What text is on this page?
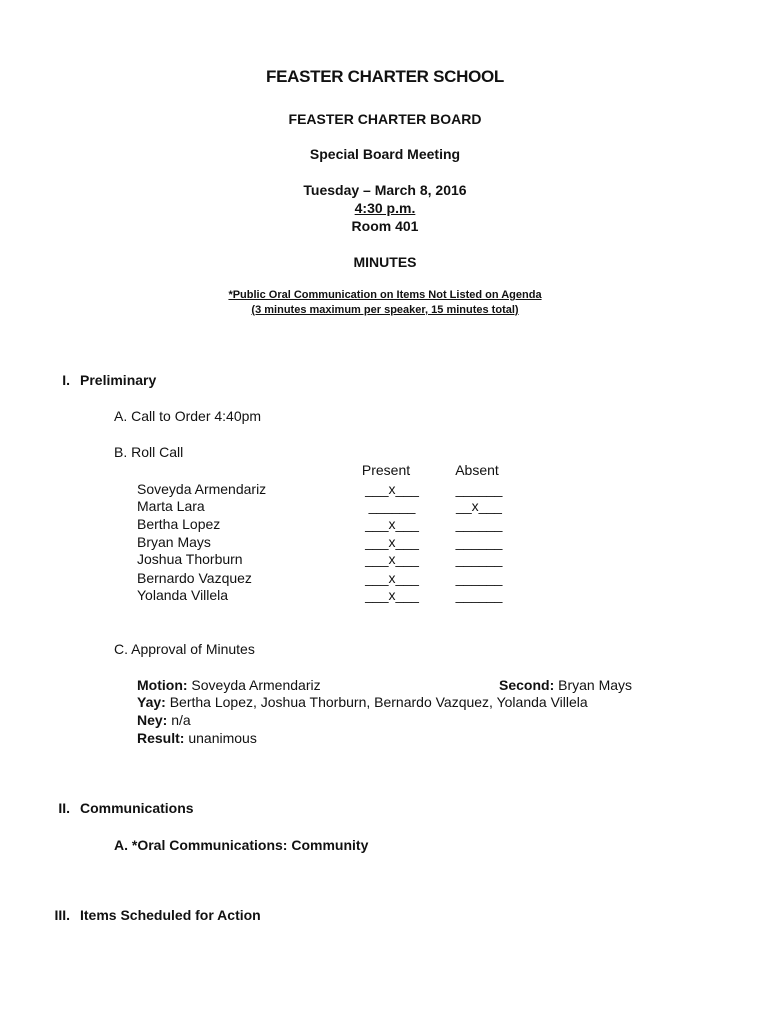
FEASTER CHARTER SCHOOL
FEASTER CHARTER BOARD
Special Board Meeting
Tuesday – March 8, 2016
4:30 p.m.
Room 401
MINUTES
*Public Oral Communication on Items Not Listed on Agenda
(3 minutes maximum per speaker, 15 minutes total)
I. Preliminary
A. Call to Order 4:40pm
B. Roll Call
Present	Absent
Soveyda Armendariz	___x___	______
Marta Lara	______	__x___
Bertha Lopez	___x___	______
Bryan Mays	___x___	______
Joshua Thorburn	___x___	______
Bernardo Vazquez	___x___	______
Yolanda Villela	___x___	______
C. Approval of Minutes
Motion: Soveyda Armendariz	Second: Bryan Mays
Yay: Bertha Lopez, Joshua Thorburn, Bernardo Vazquez, Yolanda Villela
Ney: n/a
Result: unanimous
II. Communications
A. *Oral Communications: Community
III. Items Scheduled for Action
